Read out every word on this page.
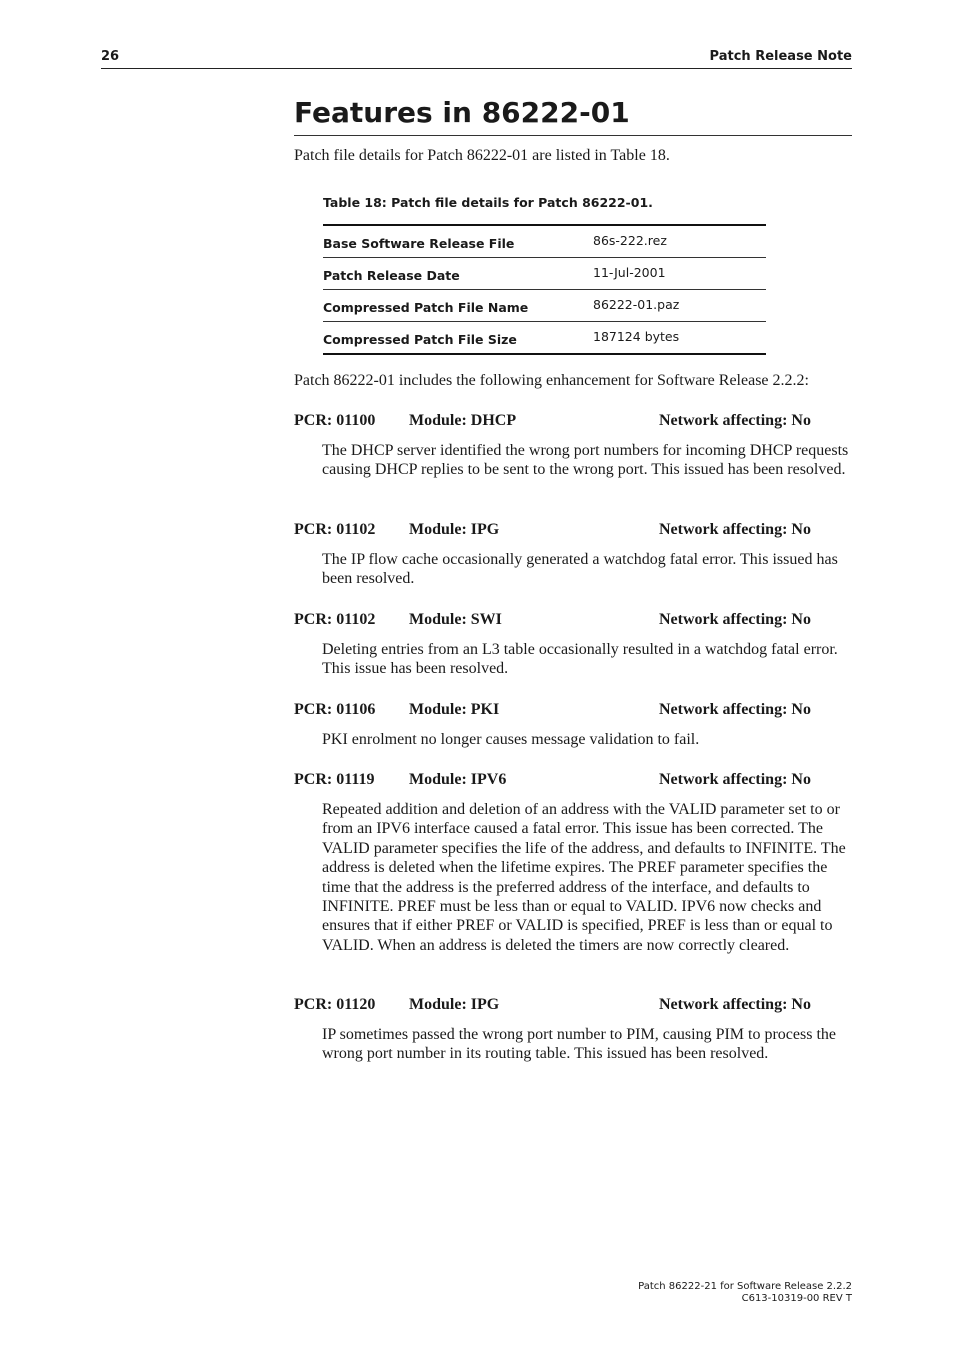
26	Patch Release Note
Features in 86222-01
Patch file details for Patch 86222-01 are listed in Table 18.
Table 18: Patch file details for Patch 86222-01.
Base Software Release File	86s-222.rez
Patch Release Date	11-Jul-2001
Compressed Patch File Name	86222-01.paz
Compressed Patch File Size	187124 bytes
Patch 86222-01 includes the following enhancement for Software Release 2.2.2:
PCR: 01100 Module: DHCP	Network affecting: No

The DHCP server identified the wrong port numbers for incoming DHCP requests causing DHCP replies to be sent to the wrong port. This issued has been resolved.

PCR: 01102 Module: IPG	Network affecting: No

The IP flow cache occasionally generated a watchdog fatal error. This issued has been resolved.

PCR: 01102 Module: SWI	Network affecting: No

Deleting entries from an L3 table occasionally resulted in a watchdog fatal error. This issue has been resolved.

PCR: 01106 Module: PKI	Network affecting: No

PKI enrolment no longer causes message validation to fail.

PCR: 01119 Module: IPV6	Network affecting: No

Repeated addition and deletion of an address with the VALID parameter set to or from an IPV6 interface caused a fatal error. This issue has been corrected. The VALID parameter specifies the life of the address, and defaults to INFINITE. The address is deleted when the lifetime expires. The PREF parameter specifies the time that the address is the preferred address of the interface, and defaults to INFINITE. PREF must be less than or equal to VALID. IPV6 now checks and ensures that if either PREF or VALID is specified, PREF is less than or equal to VALID. When an address is deleted the timers are now correctly cleared.

PCR: 01120 Module: IPG	Network affecting: No

IP sometimes passed the wrong port number to PIM, causing PIM to process the wrong port number in its routing table. This issued has been resolved.

Patch 86222-21 for Software Release 2.2.2
C613-10319-00 REV T
